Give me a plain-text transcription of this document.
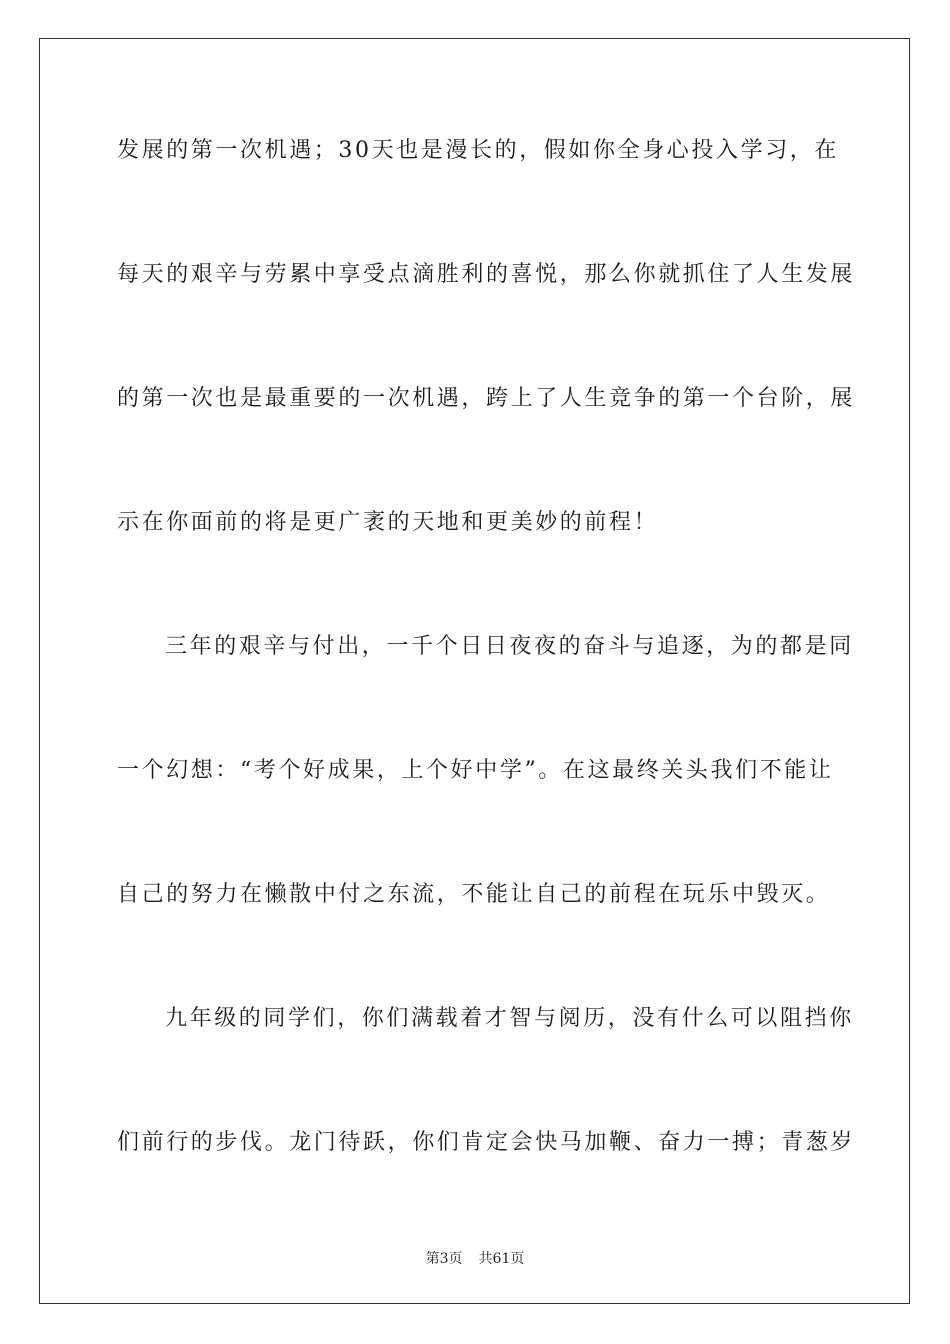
发展的第一次机遇；30天也是漫长的，假如你全身心投入学习，在
每天的艰辛与劳累中享受点滴胜利的喜悦，那么你就抓住了人生发展
的第一次也是最重要的一次机遇，跨上了人生竞争的第一个台阶，展
示在你面前的将是更广袤的天地和更美妙的前程！
三年的艰辛与付出，一千个日日夜夜的奋斗与追逐，为的都是同
一个幻想：“考个好成果，上个好中学”。在这最终关头我们不能让
自己的努力在懒散中付之东流，不能让自己的前程在玩乐中毁灭。
九年级的同学们，你们满载着才智与阅历，没有什么可以阻挡你
们前行的步伐。龙门待跃，你们肯定会快马加鞭、奋力一搏；青葱岁
第3页 共61页
